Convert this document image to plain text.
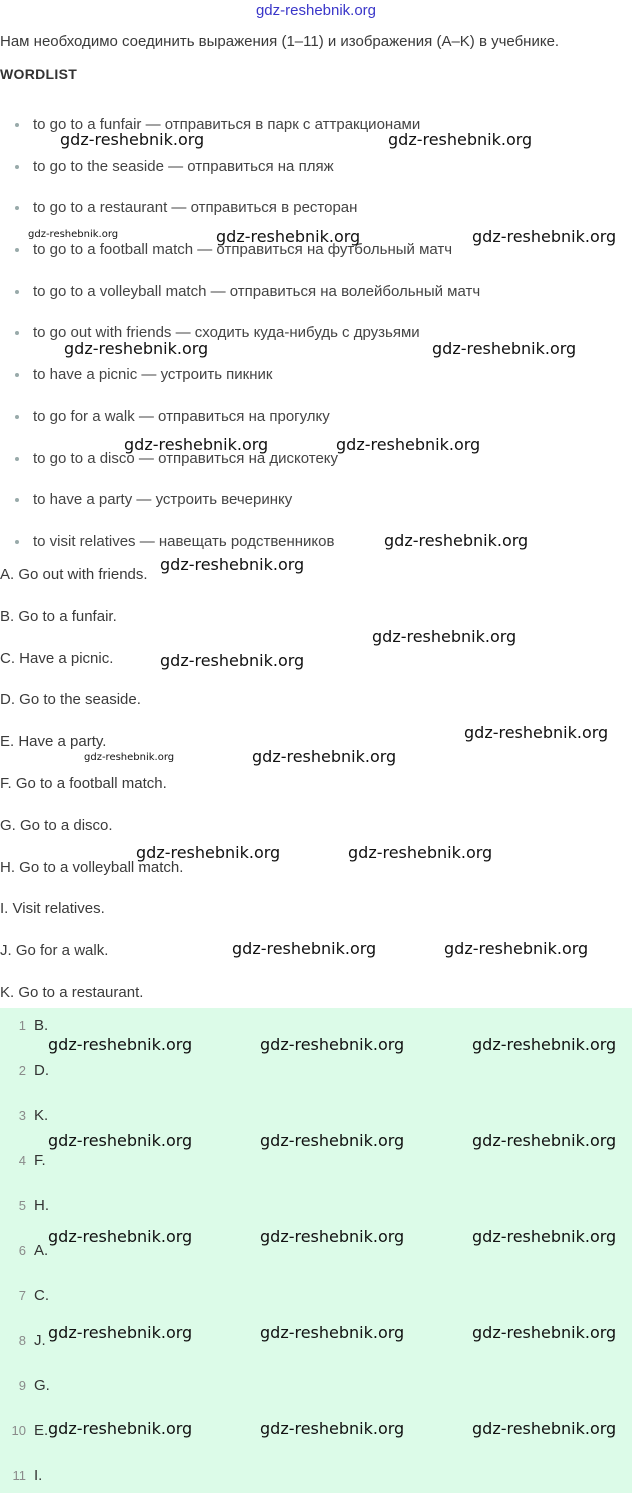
gdz-reshebnik.org
Нам необходимо соединить выражения (1–11) и изображения (A–K) в учебнике.
WORDLIST
to go to a funfair — отправиться в парк с аттракционами
to go to the seaside — отправиться на пляж
to go to a restaurant — отправиться в ресторан
to go to a football match — отправиться на футбольный матч
to go to a volleyball match — отправиться на волейбольный матч
to go out with friends — сходить куда-нибудь с друзьями
to have a picnic — устроить пикник
to go for a walk — отправиться на прогулку
to go to a disco — отправиться на дискотеку
to have a party — устроить вечеринку
to visit relatives — навещать родственников
A. Go out with friends.
B. Go to a funfair.
C. Have a picnic.
D. Go to the seaside.
E. Have a party.
F. Go to a football match.
G. Go to a disco.
H. Go to a volleyball match.
I. Visit relatives.
J. Go for a walk.
K. Go to a restaurant.
1 B.
2 D.
3 K.
4 F.
5 H.
6 A.
7 C.
8 J.
9 G.
10 E.
11 I.
gdz-reshebnik.org	gdz-reshebnik.org
gdz-reshebnik.org	gdz-reshebnik.org	gdz-reshebnik.org
gdz-reshebnik.org	gdz-reshebnik.org
gdz-reshebnik.org	gdz-reshebnik.org
gdz-reshebnik.org
gdz-reshebnik.org
gdz-reshebnik.org
gdz-reshebnik.org
gdz-reshebnik.org
gdz-reshebnik.org	gdz-reshebnik.org
gdz-reshebnik.org	gdz-reshebnik.org
gdz-reshebnik.org	gdz-reshebnik.org
gdz-reshebnik.org	gdz-reshebnik.org	gdz-reshebnik.org
gdz-reshebnik.org	gdz-reshebnik.org	gdz-reshebnik.org
gdz-reshebnik.org	gdz-reshebnik.org	gdz-reshebnik.org
gdz-reshebnik.org	gdz-reshebnik.org	gdz-reshebnik.org
gdz-reshebnik.org	gdz-reshebnik.org	gdz-reshebnik.org
